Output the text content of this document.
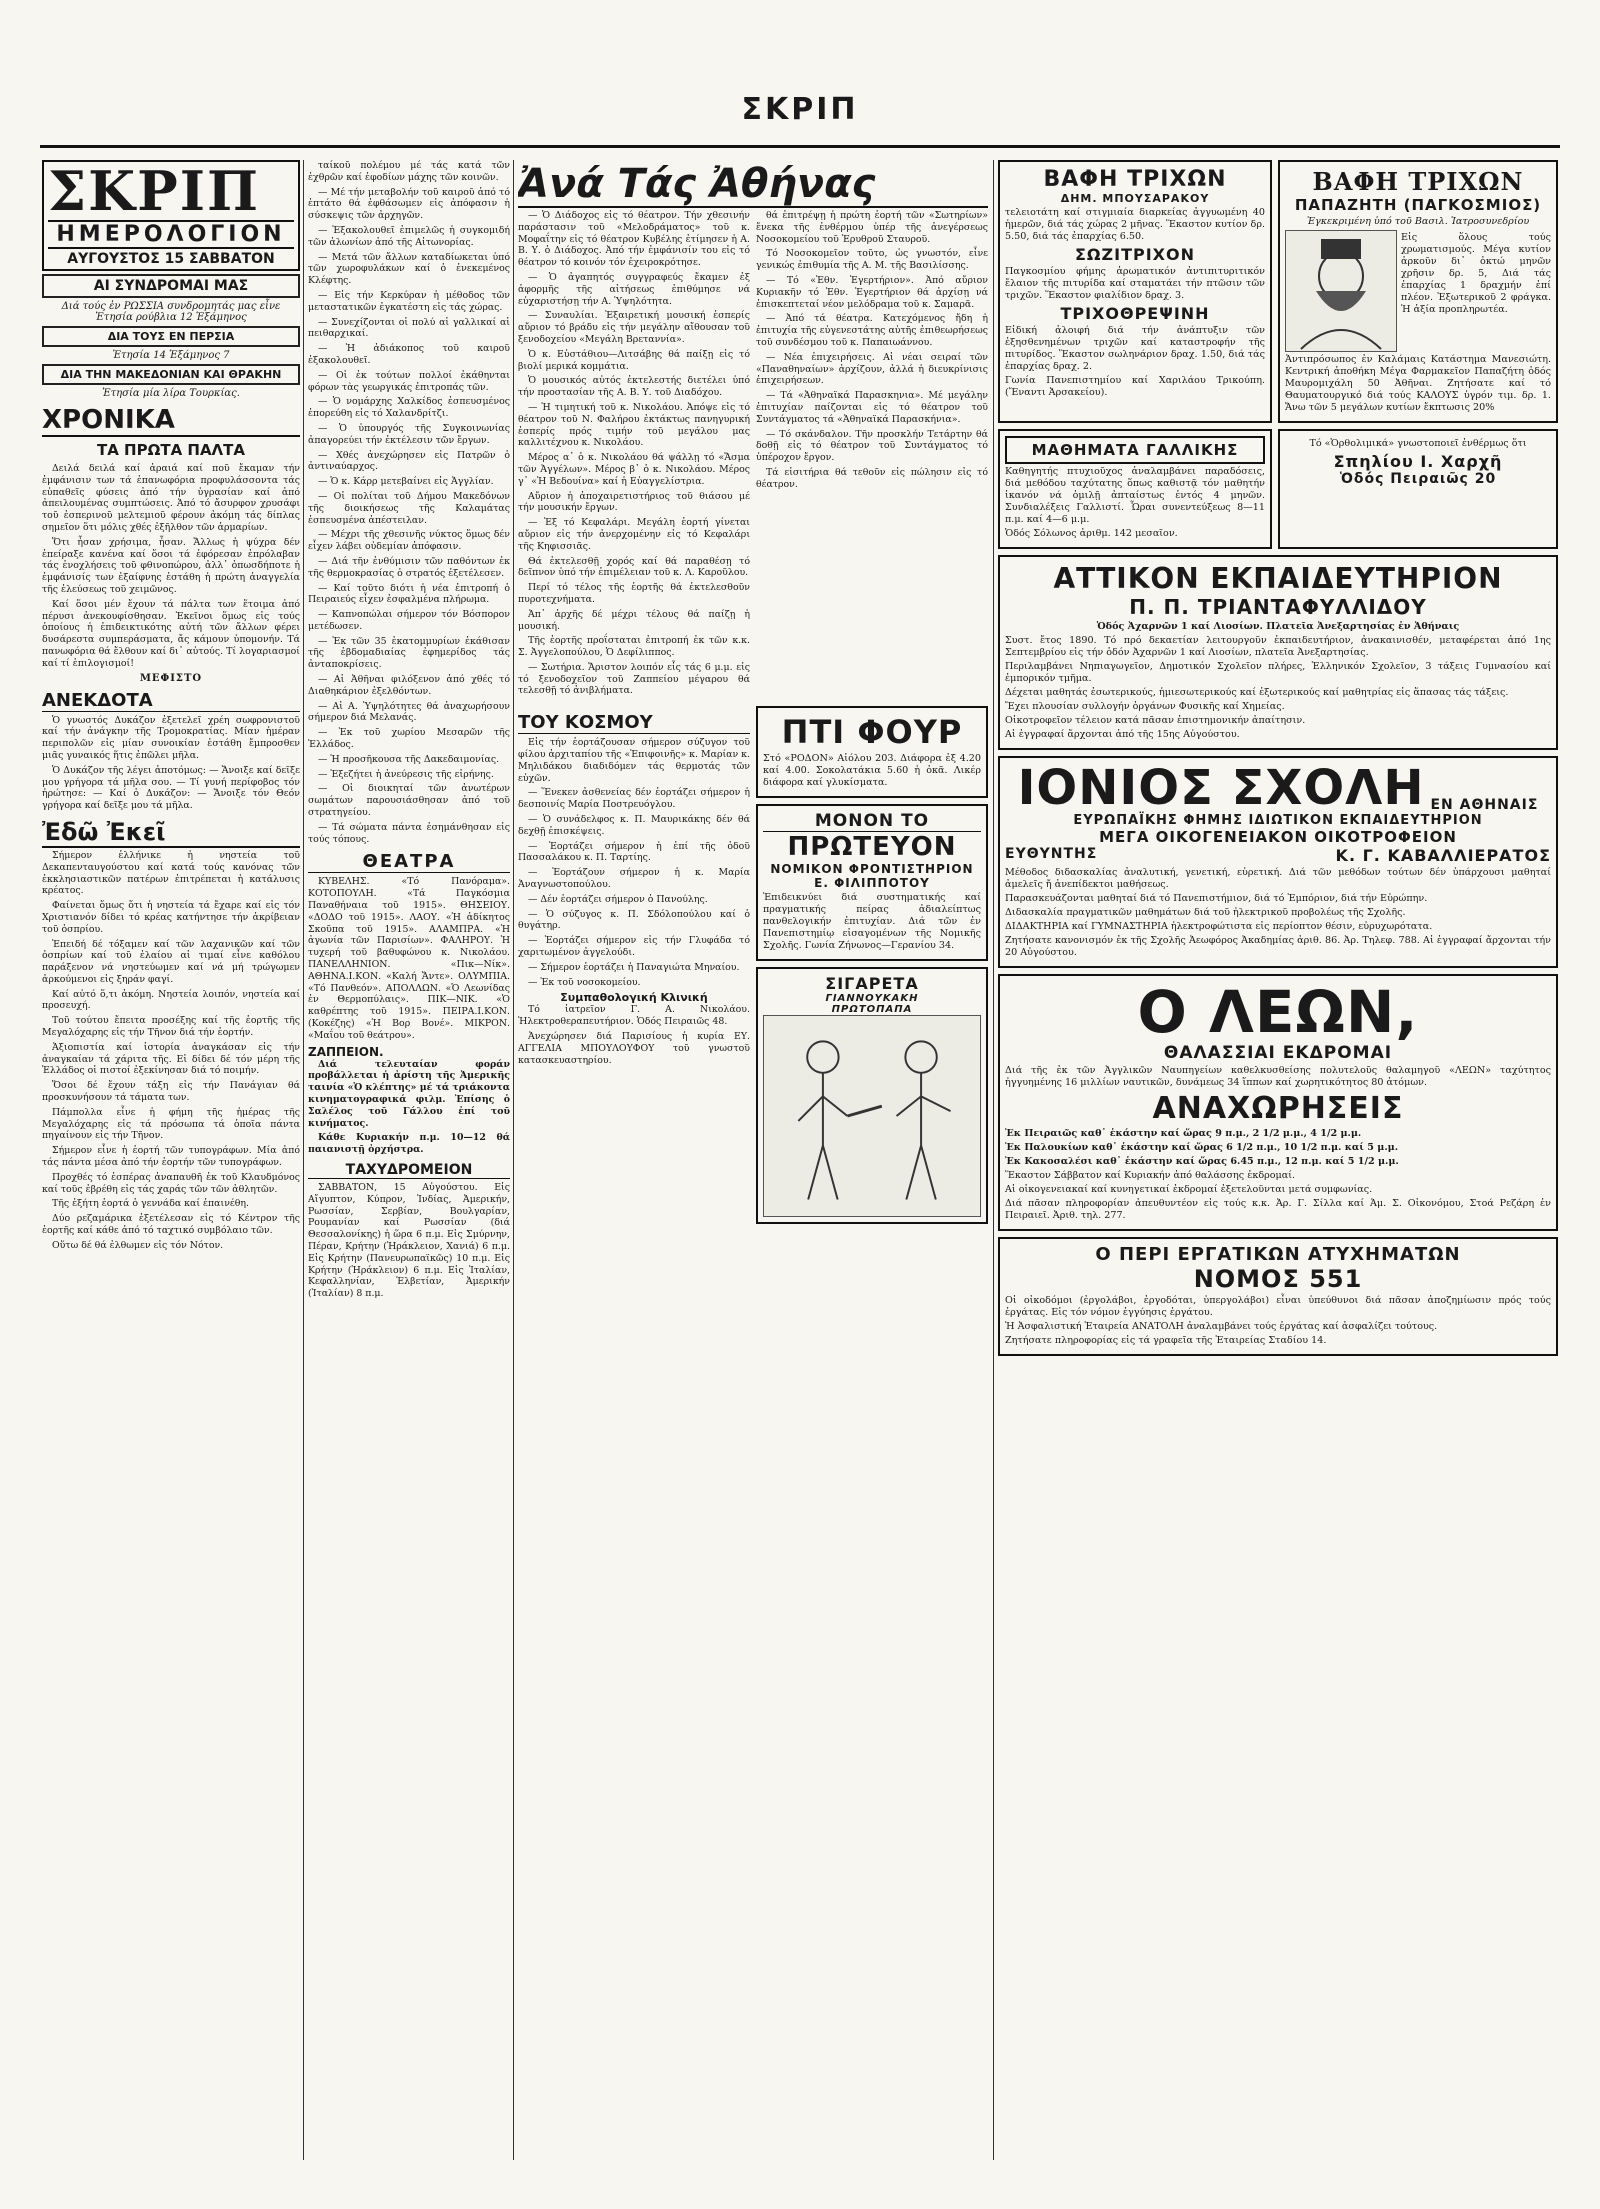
ΣΚΡΙΠ
ΣΚΡΙΠ
ΗΜΕΡΟΛΟΓΙΟΝ
ΑΥΓΟΥΣΤΟΣ 15 ΣΑΒΒΑΤΟΝ
ΑΙ ΣΥΝΔΡΟΜΑΙ ΜΑΣ
Διά τούς ἐν ΡΩΣΣΙΑ συνδρομητάς μας εἶνε
Ἐτησία ρούβλια 12 Ἑξάμηνος
ΔΙΑ ΤΟΥΣ ΕΝ ΠΕΡΣΙΑ
Ἐτησία 14 Ἑξάμηνος 7
ΔΙΑ ΤΗΝ ΜΑΚΕΔΟΝΙΑΝ ΚΑΙ ΘΡΑΚΗΝ
Ἐτησία μία λίρα Τουρκίας.
ΧΡΟΝΙΚΑ
ΤΑ ΠΡΩΤΑ ΠΑΛΤΑ

Δειλά δειλά καί ἀραιά καί ποῦ ἔκαμαν τήν ἐμφάνισιν των τά ἐπανωφόρια προφυλάσσοντα τάς εὐπαθεῖς φύσεις ἀπό τήν ὑγρασίαν καί ἀπό ἀπειλουμένας συμπτώσεις. Ἀπό τό ἄσυρφον χρυσάφι τοῦ ἐσπερινοῦ μελτεμιοῦ φέρουν ἀκόμη τάς δίπλας σημεῖον ὅτι μόλις χθές ἐξῆλθον τῶν ἀρμαρίων.

Ὅτι ἦσαν χρήσιμα, ἦσαν. Ἄλλως ἡ ψύχρα δέν ἐπείραξε κανένα καί ὅσοι τά ἐφόρεσαν ἐπρόλαβαν τάς ἐνοχλήσεις τοῦ φθινοπώρου, ἀλλ᾽ ὁπωσδήποτε ἡ ἐμφάνισίς των ἐξαίφνης ἐστάθη ἡ πρώτη ἀναγγελία τῆς ἐλεύσεως τοῦ χειμῶνος.

Καί ὅσοι μέν ἔχουν τά πάλτα των ἕτοιμα ἀπό πέρυσι ἀνεκουφίσθησαν. Ἐκεῖνοι ὅμως εἰς τούς ὁποίους ἡ ἐπιδεικτικότης αὐτή τῶν ἄλλων φέρει δυσάρεστα συμπεράσματα, ἄς κάμουν ὑπομονήν. Τά πανωφόρια θά ἔλθουν καί δι᾽ αὐτούς. Τί λογαριασμοί καί τί ἑπιλογισμοί!

ΜΕΦΙΣΤΟ
ΑΝΕΚΔΟΤΑ

Ὁ γνωστός Δυκάζον ἐξετελεῖ χρέη σωφρονιστοῦ καί τήν ἀνάγκην τῆς Τρομοκρατίας. Μίαν ἡμέραν περιπολῶν εἰς μίαν συνοικίαν ἐστάθη ἔμπροσθεν μιᾶς γυναικός ἥτις ἐπῶλει μῆλα.

Ὁ Δυκάζον τῆς λέγει ἀποτόμως: — Ἄνοιξε καί δεῖξε μου γρήγορα τά μῆλα σου. — Τί γυνή περίφοβος τόν ἠρώτησε: — Καί ὁ Δυκάζον: — Ἄνοιξε τόν Θεόν γρήγορα καί δεῖξε μου τά μῆλα.

Ἐδῶ Ἐκεῖ

Σήμερον ἑλλήνικε ἡ νηστεία τοῦ Δεκαπενταυγούστου καί κατά τούς κανόνας τῶν ἐκκλησιαστικῶν πατέρων ἐπιτρέπεται ἡ κατάλυσις κρέατος.

Φαίνεται ὅμως ὅτι ἡ νηστεία τά ἔχαρε καί εἰς τόν Χριστιανόν δίδει τό κρέας κατήντησε τήν ἀκρίβειαν τοῦ ὀσπρίου.

Ἐπειδή δέ τόξαμεν καί τῶν λαχανικῶν καί τῶν ὀσπρίων καί τοῦ ἐλαίου αἱ τιμαί εἶνε καθόλου παράξενον νά νηστεύωμεν καί νά μή τρώγωμεν ἀρκούμενοι εἰς ξηράν φαγί.

Καί αὐτό ὅ,τι ἀκόμη. Νηστεία λοιπόν, νηστεία καί προσευχή.

Τοῦ τούτου ἔπειτα προσέξης καί τῆς ἑορτῆς τῆς Μεγαλόχαρης εἰς τήν Τῆνον διά τήν ἑορτήν.

Ἀξιοπιστία καί ἱστορία ἀναγκάσαν εἰς τήν ἀναγκαίαν τά χάριτα τῆς. Εἰ δίδει δέ τόν μέρη τῆς Ἑλλάδος οἱ πιστοί ἐξεκίνησαν διά τό ποιμήν.

Ὅσοι δέ ἔχουν τάξη εἰς τήν Πανάγιαν θά προσκυνήσουν τά τάματα των.

Πάμπολλα εἶνε ἡ φήμη τῆς ἡμέρας τῆς Μεγαλόχαρης εἰς τά πρόσωπα τά ὁποῖα πάντα πηγαίνουν εἰς τήν Τῆνον.

Σήμερον εἶνε ἡ ἑορτή τῶν τυπογράφων. Μία ἀπό τάς πάντα μέσα ἀπό τήν ἑορτήν τῶν τυπογράφων.

Προχθές τό ἑσπέρας ἀναπαυθῆ ἐκ τοῦ Κλαυδμόνος καί τοῦς ἐβρέθη εἰς τάς χαράς τῶν τῶν ἀθλητῶν.

Τῆς ἐξήτη ἑορτά ὁ γεννάδα καί ἐπαινέθη.

Δύο ρεζαμάρικα ἐξετέλεσαν εἰς τό Κέντρον τῆς ἑορτῆς καί κάθε ἀπό τό ταχτικό συμβόλαιο τῶν.

Οὕτω δέ θά ἐλθωμεν εἰς τόν Νότον.

ταίκοῦ πολέμου μέ τάς κατά τῶν ἐχθρῶν καί ἐφοδίων μάχης τῶν κοινῶν.

— Μέ τήν μεταβολήν τοῦ καιροῦ ἀπό τό ἑπτάτο θά ἐφθάσωμεν εἰς ἀπόφασιν ἡ σύσκεψις τῶν ἀρχηγῶν.

— Ἐξακολουθεῖ ἐπιμελῶς ἡ συγκομιδή τῶν ἀλωνίων ἀπό τῆς Αἰτωνορίας.

— Μετά τῶν ἄλλων καταδίωκεται ὑπό τῶν χωροφυλάκων καί ὁ ἐνεκεμένος Κλέφτης.

— Εἰς τήν Κερκύραν ἡ μέθοδος τῶν μεταστατικῶν ἐγκατέστη εἰς τάς χώρας.

— Συνεχίζονται οἱ πολύ αἱ γαλλικαί αἱ πειθαρχικαί.

— Ἡ ἀδιάκοπος τοῦ καιροῦ ἐξακολουθεῖ.

— Οἱ ἐκ τούτων πολλοί ἐκάθηνται φόρων τὰς γεωργικάς ἐπιτροπάς τῶν.

— Ὁ νομάρχης Χαλκίδος ἐσπευσμένος ἐπορεύθη εἰς τό Χαλανδρίτζι.

— Ὁ ὑπουργός τῆς Συγκοινωνίας ἀπαγορεύει τήν ἐκτέλεσιν τῶν ἔργων.

— Χθές ἀνεχώρησεν εἰς Πατρῶν ὁ ἀντιναύαρχος.

— Ὁ κ. Κάρρ μετεβαίνει εἰς Ἀγγλίαν.

— Οἱ πολίται τοῦ Δήμου Μακεδόνων τῆς διοικήσεως τῆς Καλαμάτας ἐσπευσμένα ἀπέστειλαν.

— Μέχρι τῆς χθεσινῆς νύκτος ὅμως δέν εἶχεν λάβει οὐδεμίαν ἀπόφασιν.

— Διά τῆν ἐνθύμισιν τῶν παθόντων ἐκ τῆς θερμοκρασίας ὁ στρατός ἐξετέλεσεν.

— Καί τοῦτο διότι ἡ νέα ἐπιτροπή ὁ Πειραιεύς εἶχεν ἐσφαλμένα πλήρωμα.

— Καπνοπώλαι σήμερον τόν Βόσπορον μετέδωσεν.

— Ἐκ τῶν 35 ἑκατομμυρίων ἐκάθισαν τῆς ἑβδομαδιαίας ἐφημερίδος τάς ἀνταποκρίσεις.

— Αἱ Ἀθῆναι φιλόξενον ἀπό χθές τό Διαθηκάριον ἐξελθόντων.

— Αἱ Α. Ὑψηλότητες θά ἀναχωρήσουν σήμερον διά Μελανάς.

— Ἐκ τοῦ χωρίου Μεσαρῶν τῆς Ἐλλάδος.

— Ἡ προσῆκουσα τῆς Δακεδαιμονίας.

— Ἐξεζήτει ἡ ἀνεύρεσις τῆς εἰρήνης.

— Οἱ διοικηταί τῶν ἀνωτέρων σωμάτων παρουσιάσθησαν ἀπό τοῦ στρατηγείου.

— Τά σώματα πάντα ἐσημάνθησαν εἰς τούς τόπους.

ΘΕΑΤΡΑ

ΚΥΒΕΛΗΣ. «Τό Πανόραμα». ΚΟΤΟΠΟΥΛΗ. «Τά Παγκόσμια Παναθήναια τοῦ 1915». ΘΗΣΕΙΟΥ. «ΔΟΔΟ τοῦ 1915». ΛΑΟΥ. «Ἡ ἀδίκητος Σκοῦπα τοῦ 1915». ΑΛΑΜΠΡΑ. «Ἡ ἀγωνία τῶν Παρισίων». ΦΑΛΗΡΟΥ. Ἡ τυχερή τοῦ βαθυφώνου κ. Νικολάου. ΠΑΝΕΛΛΗΝΙΟΝ. «Πικ—Νίκ». ΑΘΗΝΑ.Ι.ΚΟΝ. «Καλή Ἄντε». ΟΛΥΜΠΙΑ. «Τό Πανθεόν». ΑΠΟΛΛΩΝ. «Ὁ Λεωνίδας ἐν Θερμοπύλαις». ΠΙΚ—ΝΙΚ. «Ὁ καθρέπτης τοῦ 1915». ΠΕΙΡΑ.Ι.ΚΟΝ. (Κοκέζης) «Ἡ Βορ Βονέ». ΜΙΚΡΟΝ. «Μαΐου τοῦ θεάτρου».

ΖΑΠΠΕΙΟΝ.

Διά τελευταίαν φοράν προβάλλεται ἡ ἀρίστη τῆς Ἀμερικῆς ταινία «Ὁ κλέπτης» μέ τά τριάκοντα κινηματογραφικά φιλμ. Ἐπίσης ὁ Σαλέλος τοῦ Γάλλου ἐπί τοῦ κινήματος.

Κάθε Κυριακήν π.μ. 10—12 θά παιανιστῇ ὀρχήστρα.

ΤΑΧΥΔΡΟΜΕΙΟΝ

ΣΑΒΒΑΤΟΝ, 15 Αὐγούστου. Εἰς Αἴγυπτον, Κύπρον, Ἰνδίας, Ἀμερικήν, Ρωσσίαν, Σερβίαν, Βουλγαρίαν, Ρουμανίαν καί Ρωσσίαν (διά Θεσσαλονίκης) ἡ ὥρα 6 π.μ. Εἰς Σμύρνην, Πέραν, Κρήτην (Ἡράκλειον, Χανιά) 6 π.μ. Εἰς Κρήτην (Πανευρωπαϊκῶς) 10 π.μ. Εἰς Κρήτην (Ἡράκλειον) 6 π.μ. Εἰς Ἰταλίαν, Κεφαλληνίαν, Ἑλβετίαν, Ἀμερικήν (Ἰταλίαν) 8 π.μ.

Ἀνά Τάς Ἀθήνας

— Ὁ Διάδοχος εἰς τό θέατρον. Τήν χθεσινήν παράστασιν τοῦ «Μελοδράματος» τοῦ κ. Μοφαΐτην εἰς τό θέατρον Κυβέλης ἐτίμησεν ἡ Α. Β. Υ. ὁ Διάδοχος. Ἀπό τήν ἐμφάνισίν του εἰς τό θέατρον τό κοινόν τόν ἐχειροκρότησε.

— Ὁ ἀγαπητός συγγραφεύς ἔκαμεν ἐξ ἀφορμῆς τῆς αἰτήσεως ἐπιθύμησε νά εὐχαριστήσῃ τήν Α. Ὑψηλότητα.

— Συναυλίαι. Ἐξαιρετική μουσική ἑσπερίς αὔριον τό βράδυ εἰς τήν μεγάλην αἴθουσαν τοῦ ξενοδοχείου «Μεγάλη Βρεταννία».

Ὁ κ. Εὐστάθιου—Λιτσάβης θά παίξῃ εἰς τό βιολί μερικά κομμάτια.

Ὁ μουσικός αὐτός ἐκτελεστής διετέλει ὑπό τήν προστασίαν τῆς Α. Β. Υ. τοῦ Διαδόχου.

— Ἡ τιμητική τοῦ κ. Νικολάου. Ἀπόψε εἰς τό θέατρον τοῦ Ν. Φαλήρου ἐκτάκτως πανηγυρική ἑσπερίς πρός τιμήν τοῦ μεγάλου μας καλλιτέχνου κ. Νικολάου.

Μέρος α᾽ ὁ κ. Νικολάου θά ψάλλῃ τό «Ἄσμα τῶν Ἀγγέλων». Μέρος β᾽ ὁ κ. Νικολάου. Μέρος γ᾽ «Ἡ Βεδουίνα» καί ἡ Εὐαγγελίστρια.

Αὔριον ἡ ἀποχαιρετιστήριος τοῦ θιάσου μέ τήν μουσικήν ἔργων.

— Ἐξ τό Κεφαλάρι. Μεγάλη ἑορτή γίνεται αὔριον εἰς τήν ἀνερχομένην εἰς τό Κεφαλάρι τῆς Κηφισσιᾶς.

Θά ἐκτελεσθῇ χορός καί θά παραθέσῃ τό δεῖπνον ὑπό τήν ἐπιμέλειαν τοῦ κ. Λ. Καροῦλου.

Περί τό τέλος τῆς ἑορτῆς θά ἐκτελεσθοῦν πυροτεχνήματα.

Ἀπ᾽ ἀρχῆς δέ μέχρι τέλους θά παίζῃ ἡ μουσική.

Τῆς ἑορτῆς προΐσταται ἐπιτροπή ἐκ τῶν κ.κ. Σ. Ἀγγελοπούλου, Ὁ Δεφίλιππος.

— Σωτήρια. Ἄριστον λοιπόν εἶς τάς 6 μ.μ. εἰς τό ξενοδοχεῖον τοῦ Ζαππείου μέγαρου θά τελεσθῇ τό ἀνιβλήματα.

θά ἐπιτρέψῃ ἡ πρώτη ἑορτή τῶν «Σωτηρίων» ἔνεκα τῆς ἐνθέρμου ὑπέρ τῆς ἀνεγέρσεως Νοσοκομείου τοῦ Ἐρυθροῦ Σταυροῦ.

Τό Νοσοκομεῖον τοῦτο, ὡς γνωστόν, εἶνε γενικώς ἐπιθυμία τῆς Α. Μ. τῆς Βασιλίσσης.

— Τό «Ἐθν. Ἐγερτήριον». Ἀπό αὔριον Κυριακῆν τό Ἐθν. Ἐγερτήριον θά ἀρχίσῃ νά ἐπισκεπτεταί νέον μελόδραμα τοῦ κ. Σαμαρᾶ.

— Ἀπό τά θέατρα. Κατεχόμενος ἤδη ἡ ἐπιτυχία τῆς εὐγενεστάτης αὐτῆς ἐπιθεωρήσεως τοῦ συνδέσμου τοῦ κ. Παπαιωάννου.

— Νέα ἐπιχειρήσεις. Αἱ νέαι σειραί τῶν «Παναθηναίων» ἀρχίζουν, ἀλλά ἡ διευκρίνισις ἐπιχειρήσεων.

— Τά «Ἀθηναϊκά Παρασκηνια». Μέ μεγάλην ἐπιτυχίαν παίζονται εἰς τό θέατρον τοῦ Συντάγματος τά «Ἀθηναϊκά Παρασκήνια».

— Τό σκάνδαλον. Τῆν προσκλήν Τετάρτην θά δοθῇ εἰς τό θέατρον τοῦ Συντάγματος τό ὑπέροχον ἔργον.

Τά εἰσιτήρια θά τεθοῦν εἰς πώλησιν εἰς τό θέατρον.

ΤΟΥ ΚΟΣΜΟΥ

Εἰς τήν ἑορτάζουσαν σήμερον σύζυγον τοῦ φίλου ἀρχιταπίου τῆς «Ἐπιφοινῆς» κ. Μαρίαν κ. Μηλιδάκου διαδιδόμεν τάς θερμοτάς τῶν εὐχῶν.

— Ἕνεκεν ἀσθενείας δέν ἑορτάζει σήμερον ἡ δεσποινίς Μαρία Ποστρευόγλου.

— Ὁ συνάδελφος κ. Π. Μαυρικάκης δέν θά δεχθῇ ἐπισκέψεις.

— Ἑορτάζει σήμερον ἡ ἐπί τῆς ὁδοῦ Πασσαλάκου κ. Π. Ταρτίης.

— Ἑορτάζουν σήμερον ἡ κ. Μαρία Ἀναγνωστοπούλου.

— Δέν ἑορτάζει σήμερον ὁ Πανούλης.

— Ὁ σύζυγος κ. Π. Σδόλοπούλου καί ὁ θυγάτηρ.

— Ἑορτάζει σήμερον εἰς τήν Γλυφάδα τό χαριτωμένον ἀγγελούδι.

— Σήμερον ἑορτάζει ἡ Παναγιώτα Μηναίου.

— Ἐκ τοῦ νοσοκομείου.

Συμπαθολογική Κλινική

Τό ἰατρεῖον Γ. Α. Νικολάου. Ἠλεκτροθεραπευτήριον. Ὁδός Πειραιῶς 48.

Ἀνεχώρησεν διά Παρισίους ἡ κυρία ΕΥ. ΑΓΓΕΛΙΑ ΜΠΟΥΛΟΥΦΟΥ τοῦ γνωστοῦ κατασκευαστηρίου.

ΠΤΙ ΦΟΥΡ
Στό «ΡΟΔΟΝ» Αἰόλου 203. Διάφορα ἐξ 4.20 καί 4.00. Σοκολατάκια 5.60 ἡ ὀκᾶ. Λικέρ διάφορα καί γλυκίσματα.
ΜΟΝΟΝ ΤΟ
ΠΡΩΤΕΥΟΝ
ΝΟΜΙΚΟΝ ΦΡΟΝΤΙΣΤΗΡΙΟΝ Ε. ΦΙΛΙΠΠΟΤΟΥ
Ἐπιδεικνύει διά συστηματικής καί πραγματικής πείρας ἀδιαλείπτως πανθελογικήν ἐπιτυχίαν. Διά τῶν ἐν Πανεπιστημίῳ εἰσαγομένων τῆς Νομικῆς Σχολῆς. Γωνία Ζήνωνος—Γερανίου 34.
ΣΙΓΑΡΕΤΑ
ΓΙΑΝΝΟΥΚΑΚΗ
ΠΡΩΤΟΠΑΠΑ
ΒΑΦΗ ΤΡΙΧΩΝ
ΔΗΜ. ΜΠΟΥΣΑΡΑΚΟΥ
τελειοτάτη καί στιγμιαία διαρκείας ἀγγυωμένη 40 ἡμερῶν, διά τάς χώρας 2 μῆνας. Ἕκαστον κυτίον δρ. 5.50, διά τάς ἐπαρχίας 6.50.
ΣΩΖΙΤΡΙΧΟΝ
Παγκοσμίου φήμης ἀρωματικόν ἀντιπιτυριτικόν ἔλαιον τῆς πιτυρίδα καί σταματάει τήν πτῶσιν τῶν τριχῶν. Ἕκαστον φιαλίδιον δραχ. 3.
ΤΡΙΧΟΘΡΕΨΙΝΗ
Εἰδική ἀλοιφή διά τήν ἀνάπτυξιν τῶν ἐξησθενημένων τριχῶν καί καταστροφήν τῆς πιτυρίδος. Ἕκαστον σωληνάριον δραχ. 1.50, διά τάς ἐπαρχίας δραχ. 2.
Γωνία Πανεπιστημίου καί Χαριλάου Τρικούπη. (Ἔναντι Ἀρσακείου).
ΒΑΦΗ ΤΡΙΧΩΝ
ΠΑΠΑΖΗΤΗ (ΠΑΓΚΟΣΜΙΟΣ)
Ἐγκεκριμένη ὑπό τοῦ Βασιλ. Ἰατροσυνεδρίου
Εἰς ὅλους τούς χρωματισμούς. Μέγα κυτίον ἀρκοῦν δι᾽ ὀκτώ μηνῶν χρῆσιν δρ. 5, Διά τάς ἐπαρχίας 1 δραχμήν ἐπί πλέον. Ἐξωτερικοῦ 2 φράγκα. Ἡ ἀξία προπληρωτέα.
Ἀντιπρόσωπος ἐν Καλάμαις Κατάστημα Μανεσιώτη. Κεντρική ἀποθήκη Μέγα Φαρμακεῖον Παπαζήτη ὁδός Μαυρομιχάλη 50 Ἀθῆναι. Ζητήσατε καί τό Θαυματουργικό διά τούς ΚΑΛΟΥΣ ὑγρόν τιμ. δρ. 1. Ἄνω τῶν 5 μεγάλων κυτίων ἔκπτωσις 20%
ΜΑΘΗΜΑΤΑ ΓΑΛΛΙΚΗΣ
Καθηγητής πτυχιοῦχος ἀναλαμβάνει παραδόσεις, διά μεθόδου ταχύτατης ὅπως καθιστᾷ τόν μαθητήν ἱκανόν νά ὁμιλῇ ἀπταίστως ἐντός 4 μηνῶν. Συνδιαλέξεις Γαλλιστί. Ὧραι συνεντεύξεως 8—11 π.μ. καί 4—6 μ.μ.
Ὁδός Σόλωνος ἀριθμ. 142 μεσαῖον.
Τό «Ὁρθολιμικά» γνωστοποιεῖ ἐνθέρμως ὅτι
Σπηλίου Ι. Χαρχῆ
Ὁδός Πειραιῶς 20
ΑΤΤΙΚΟΝ ΕΚΠΑΙΔΕΥΤΗΡΙΟΝ
Π. Π. ΤΡΙΑΝΤΑΦΥΛΛΙΔΟΥ
Ὁδός Ἀχαρνῶν 1 καί Λιοσίων. Πλατεῖα Ἀνεξαρτησίας ἐν Ἀθήναις
Συστ. ἔτος 1890. Τό πρό δεκαετίαν λειτουργοῦν ἐκπαιδευτήριον, ἀνακαινισθέν, μεταφέρεται ἀπό 1ης Σεπτεμβρίου εἰς τήν ὁδόν Ἀχαρνῶν 1 καί Λιοσίων, πλατεῖα Ἀνεξαρτησίας.
Περιλαμβάνει Νηπιαγωγεῖον, Δημοτικόν Σχολεῖον πλήρες, Ἑλληνικόν Σχολεῖον, 3 τάξεις Γυμνασίου καί ἐμπορικόν τμῆμα.
Δέχεται μαθητάς ἐσωτερικούς, ἡμιεσωτερικούς καί ἐξωτερικούς καί μαθητρίας εἰς ἅπασας τάς τάξεις.
Ἔχει πλουσίαν συλλογήν ὀργάνων Φυσικῆς καί Χημείας.
Οἰκοτροφεῖον τέλειον κατά πᾶσαν ἐπιστημονικήν ἀπαίτησιν.
Αἱ ἐγγραφαί ἄρχονται ἀπό τῆς 15ης Αὐγούστου.
ΙΟΝΙΟΣ ΣΧΟΛΗ ΕΝ ΑΘΗΝΑΙΣ
ΕΥΡΩΠΑΪΚΗΣ ΦΗΜΗΣ ΙΔΙΩΤΙΚΟΝ ΕΚΠΑΙΔΕΥΤΗΡΙΟΝ
ΜΕΓΑ ΟΙΚΟΓΕΝΕΙΑΚΟΝ ΟΙΚΟΤΡΟΦΕΙΟΝ
ΕΥΘΥΝΤΗΣ	Κ. Γ. ΚΑΒΑΛΛΙΕΡΑΤΟΣ
Μέθοδος διδασκαλίας ἀναλυτική, γενετική, εὑρετική. Διά τῶν μεθόδων τούτων δέν ὑπάρχουσι μαθηταί ἀμελεῖς ἤ ἀνεπίδεκτοι μαθήσεως.
Παρασκευάζονται μαθηταί διά τό Πανεπιστήμιον, διά τό Ἐμπόριον, διά τήν Εὐρώπην.
Διδασκαλία πραγματικῶν μαθημάτων διά τοῦ ἠλεκτρικοῦ προβολέως τῆς Σχολῆς.
ΔΙΔΑΚΤΗΡΙΑ καί ΓΥΜΝΑΣΤΗΡΙΑ ἠλεκτροφώτιστα εἰς περίοπτον θέσιν, εὐρυχωρότατα.
Ζητήσατε κανονισμόν ἐκ τῆς Σχολῆς Ἀεωφόρος Ἀκαδημίας ἀριθ. 86. Ἀρ. Τηλεφ. 788. Αἱ ἐγγραφαί ἄρχονται τήν 20 Αὐγούστου.
Ο ΛΕΩΝ,
ΘΑΛΑΣΣΙΑΙ ΕΚΔΡΟΜΑΙ
Διά τῆς ἐκ τῶν Ἀγγλικῶν Ναυπηγείων καθελκυσθείσης πολυτελοῦς θαλαμηγοῦ «ΛΕΩΝ» ταχύτητος ἠγγυημένης 16 μιλλίων ναυτικῶν, δυνάμεως 34 ἵππων καί χωρητικότητος 80 ἀτόμων.
ΑΝΑΧΩΡΗΣΕΙΣ
Ἐκ Πειραιῶς καθ᾽ ἑκάστην καί ὥρας 9 π.μ., 2 1/2 μ.μ., 4 1/2 μ.μ.
Ἐκ Παλουκίων καθ᾽ ἑκάστην καί ὥρας 6 1/2 π.μ., 10 1/2 π.μ. καί 5 μ.μ.
Ἐκ Κακοσαλέσι καθ᾽ ἑκάστην καί ὥρας 6.45 π.μ., 12 π.μ. καί 5 1/2 μ.μ.
Ἕκαστον Σάββατον καί Κυριακήν ἀπό θαλάσσης ἐκδρομαί.
Αἱ οἰκογενειακαί καί κυνηγετικαί ἐκδρομαί ἐξετελοῦνται μετά συμφωνίας.
Διά πᾶσαν πληροφορίαν ἀπευθυντέον εἰς τούς κ.κ. Ἀρ. Γ. Σίλλα καί Ἀμ. Σ. Οἰκονόμου, Στοά Ρεζάρη ἐν Πειραιεῖ. Ἀριθ. τηλ. 277.
Ο ΠΕΡΙ ΕΡΓΑΤΙΚΩΝ ΑΤΥΧΗΜΑΤΩΝ
ΝΟΜΟΣ 551
Οἱ οἰκοδόμοι (ἐργολάβοι, ἐργοδόται, ὑπεργολάβοι) εἶναι ὑπεύθυνοι διά πᾶσαν ἀποζημίωσιν πρός τούς ἐργάτας. Εἰς τόν νόμον ἐγγύησις ἐργάτου.
Ἡ Ἀσφαλιστική Ἑταιρεία ΑΝΑΤΟΛΗ ἀναλαμβάνει τούς ἐργάτας καί ἀσφαλίζει τούτους.
Ζητήσατε πληροφορίας εἰς τά γραφεῖα τῆς Ἑταιρείας Σταδίου 14.
